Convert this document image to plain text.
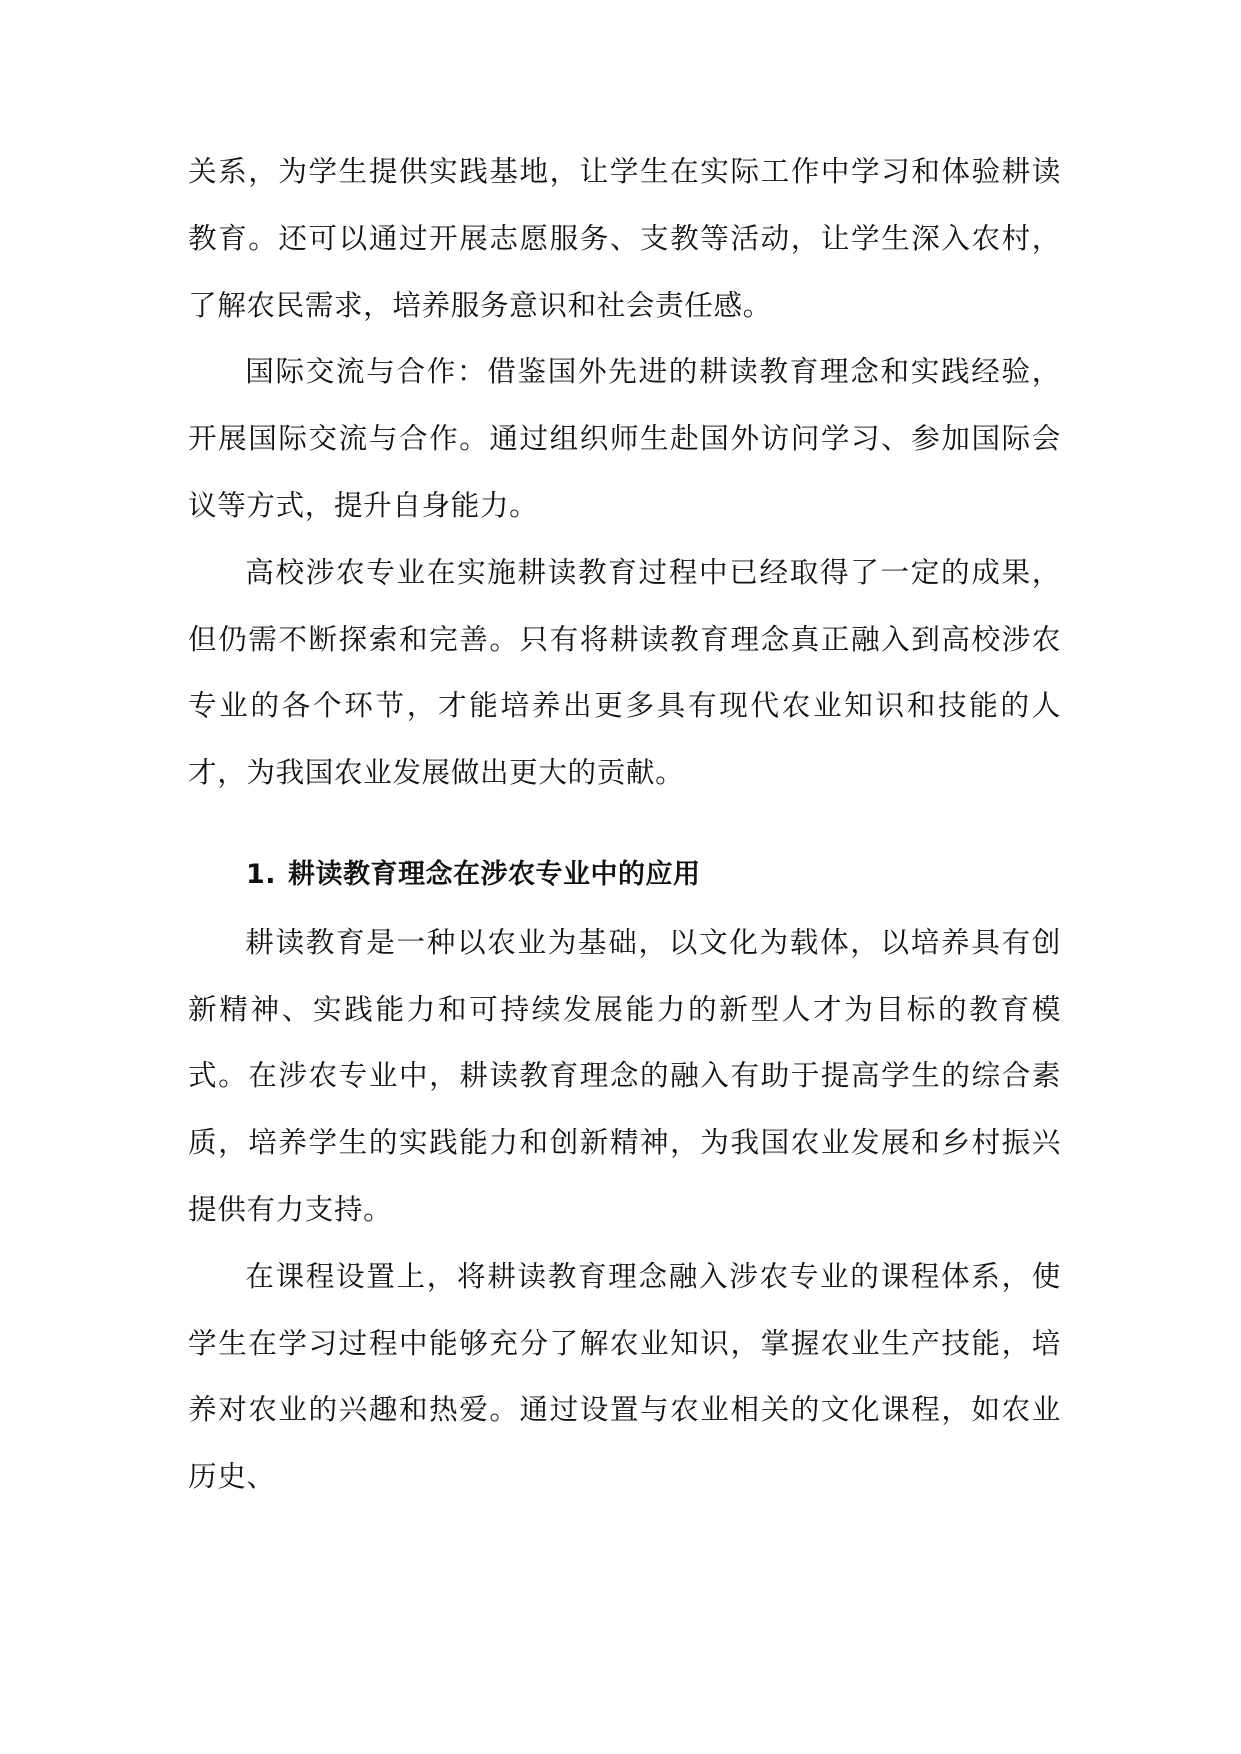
关系，为学生提供实践基地，让学生在实际工作中学习和体验耕读教育。还可以通过开展志愿服务、支教等活动，让学生深入农村，了解农民需求，培养服务意识和社会责任感。

国际交流与合作：借鉴国外先进的耕读教育理念和实践经验，开展国际交流与合作。通过组织师生赴国外访问学习、参加国际会议等方式，提升自身能力。

高校涉农专业在实施耕读教育过程中已经取得了一定的成果，但仍需不断探索和完善。只有将耕读教育理念真正融入到高校涉农专业的各个环节，才能培养出更多具有现代农业知识和技能的人才，为我国农业发展做出更大的贡献。

1. 耕读教育理念在涉农专业中的应用

耕读教育是一种以农业为基础，以文化为载体，以培养具有创新精神、实践能力和可持续发展能力的新型人才为目标的教育模式。在涉农专业中，耕读教育理念的融入有助于提高学生的综合素质，培养学生的实践能力和创新精神，为我国农业发展和乡村振兴提供有力支持。

在课程设置上，将耕读教育理念融入涉农专业的课程体系，使学生在学习过程中能够充分了解农业知识，掌握农业生产技能，培养对农业的兴趣和热爱。通过设置与农业相关的文化课程，如农业历史、
